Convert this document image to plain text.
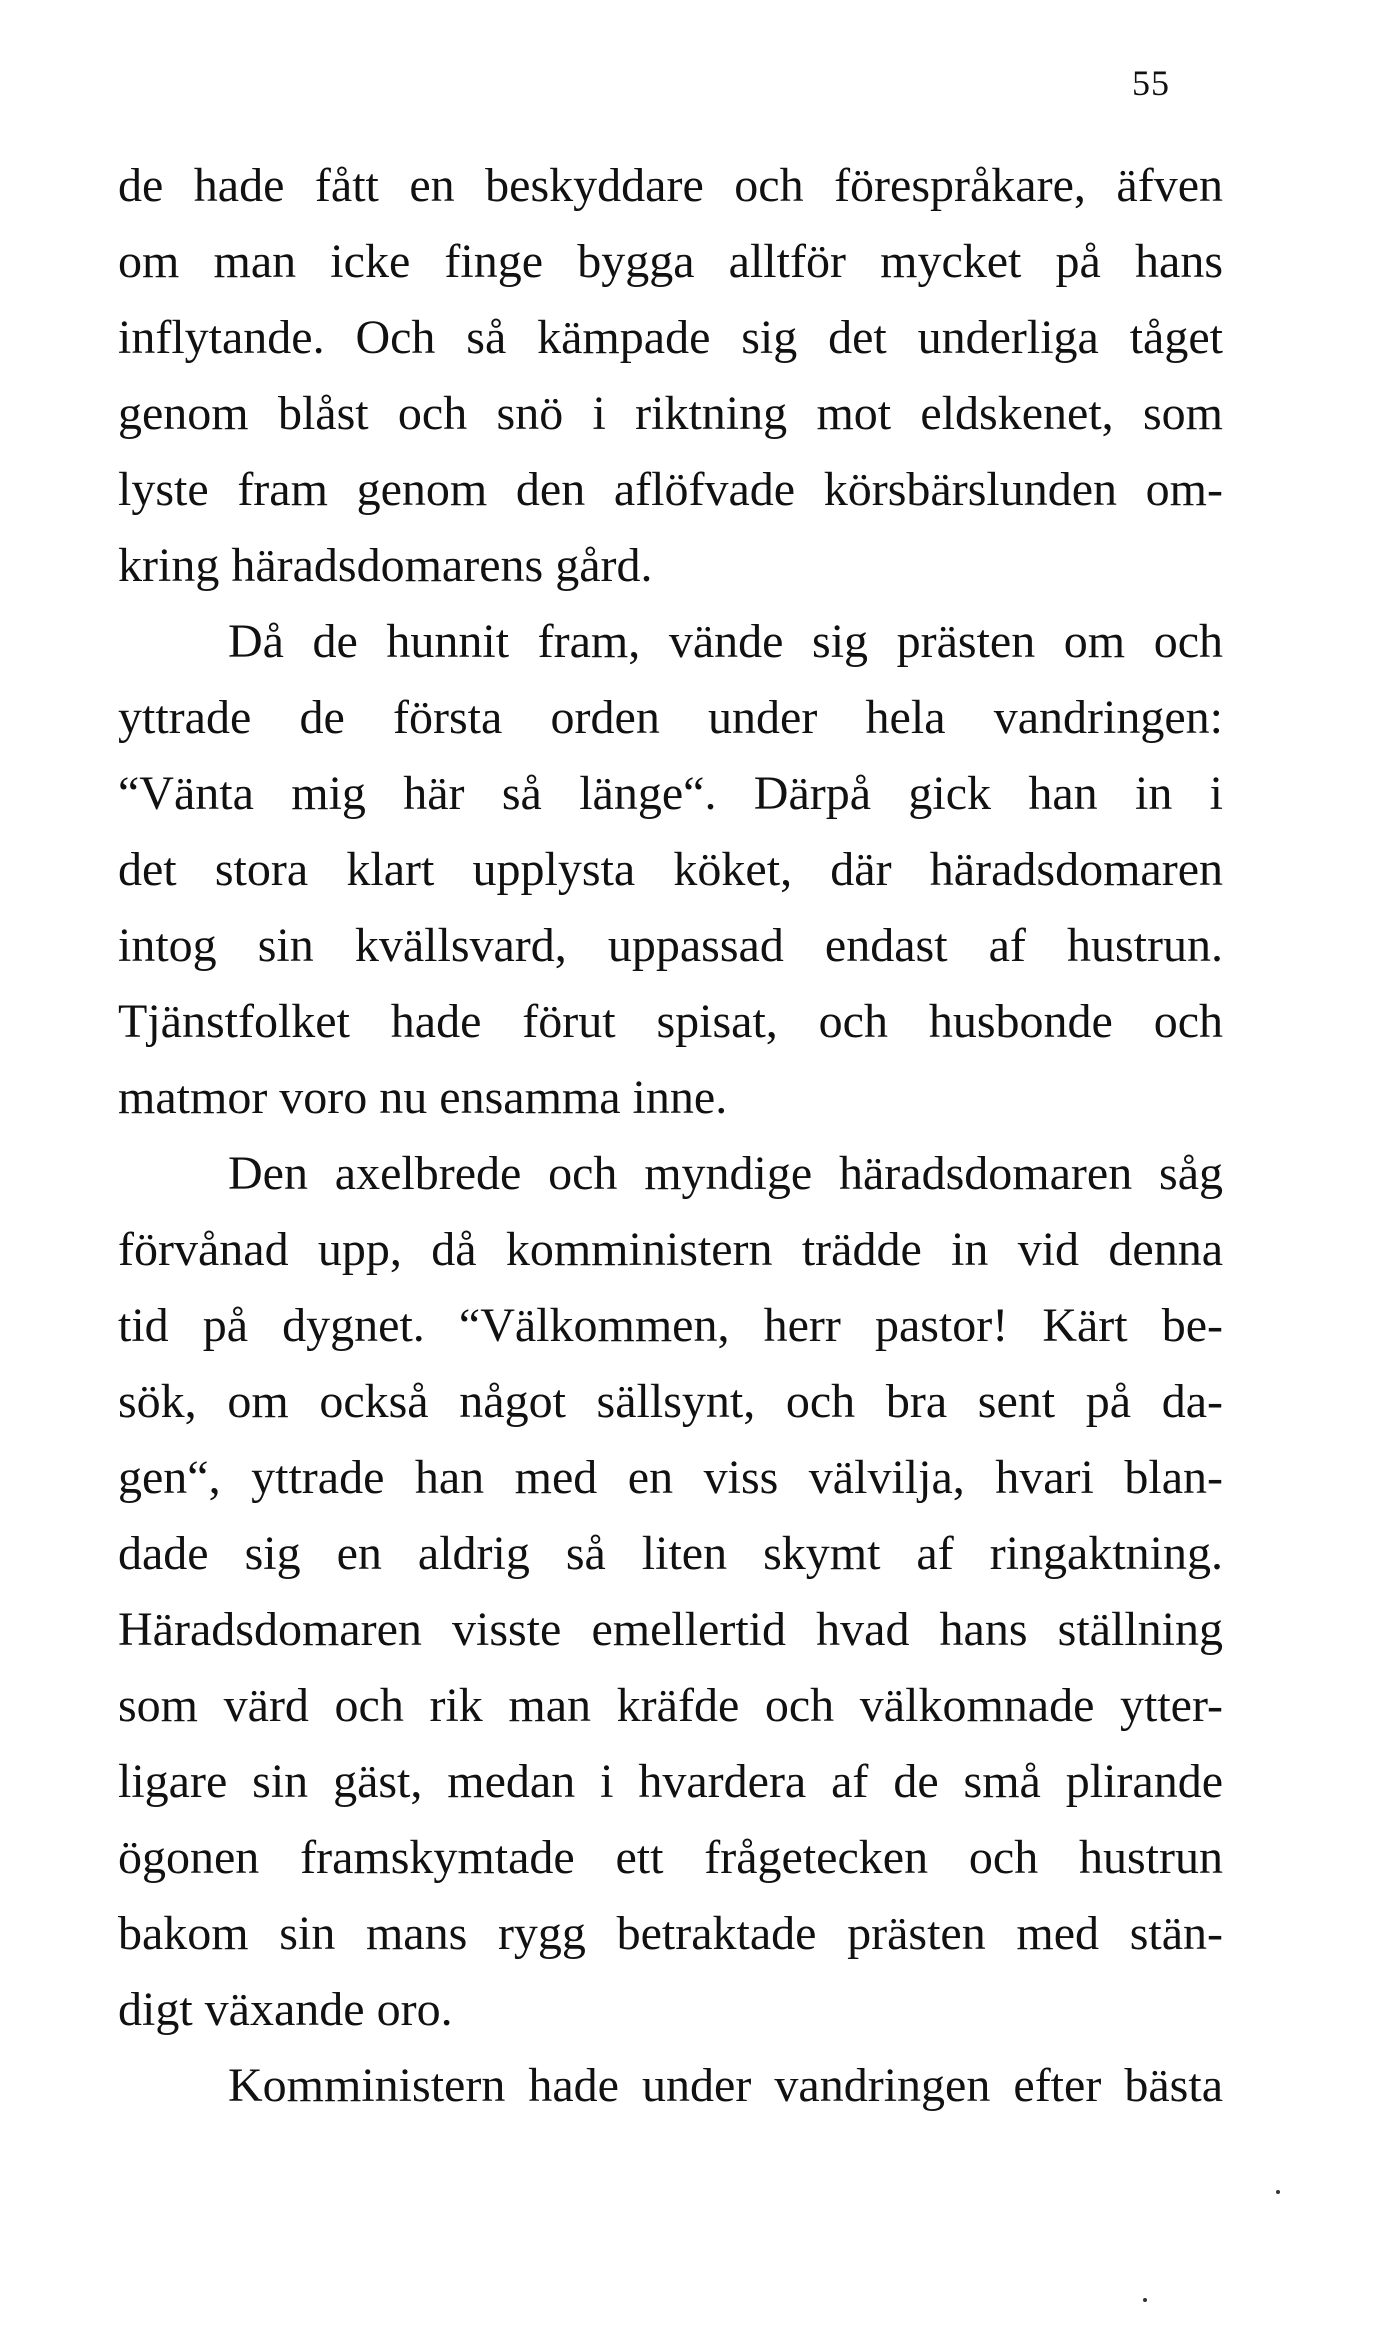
55
de hade fått en beskyddare och förespråkare, äfven
om man icke finge bygga alltför mycket på hans
inflytande. Och så kämpade sig det underliga tåget
genom blåst och snö i riktning mot eldskenet, som
lyste fram genom den aflöfvade körsbärslunden om-
kring häradsdomarens gård.
Då de hunnit fram, vände sig prästen om och
yttrade de första orden under hela vandringen:
“Vänta mig här så länge“. Därpå gick han in i
det stora klart upplysta köket, där häradsdomaren
intog sin kvällsvard, uppassad endast af hustrun.
Tjänstfolket hade förut spisat, och husbonde och
matmor voro nu ensamma inne.
Den axelbrede och myndige häradsdomaren såg
förvånad upp, då komministern trädde in vid denna
tid på dygnet. “Välkommen, herr pastor! Kärt be-
sök, om också något sällsynt, och bra sent på da-
gen“, yttrade han med en viss välvilja, hvari blan-
dade sig en aldrig så liten skymt af ringaktning.
Häradsdomaren visste emellertid hvad hans ställning
som värd och rik man kräfde och välkomnade ytter-
ligare sin gäst, medan i hvardera af de små plirande
ögonen framskymtade ett frågetecken och hustrun
bakom sin mans rygg betraktade prästen med stän-
digt växande oro.
Komministern hade under vandringen efter bästa
